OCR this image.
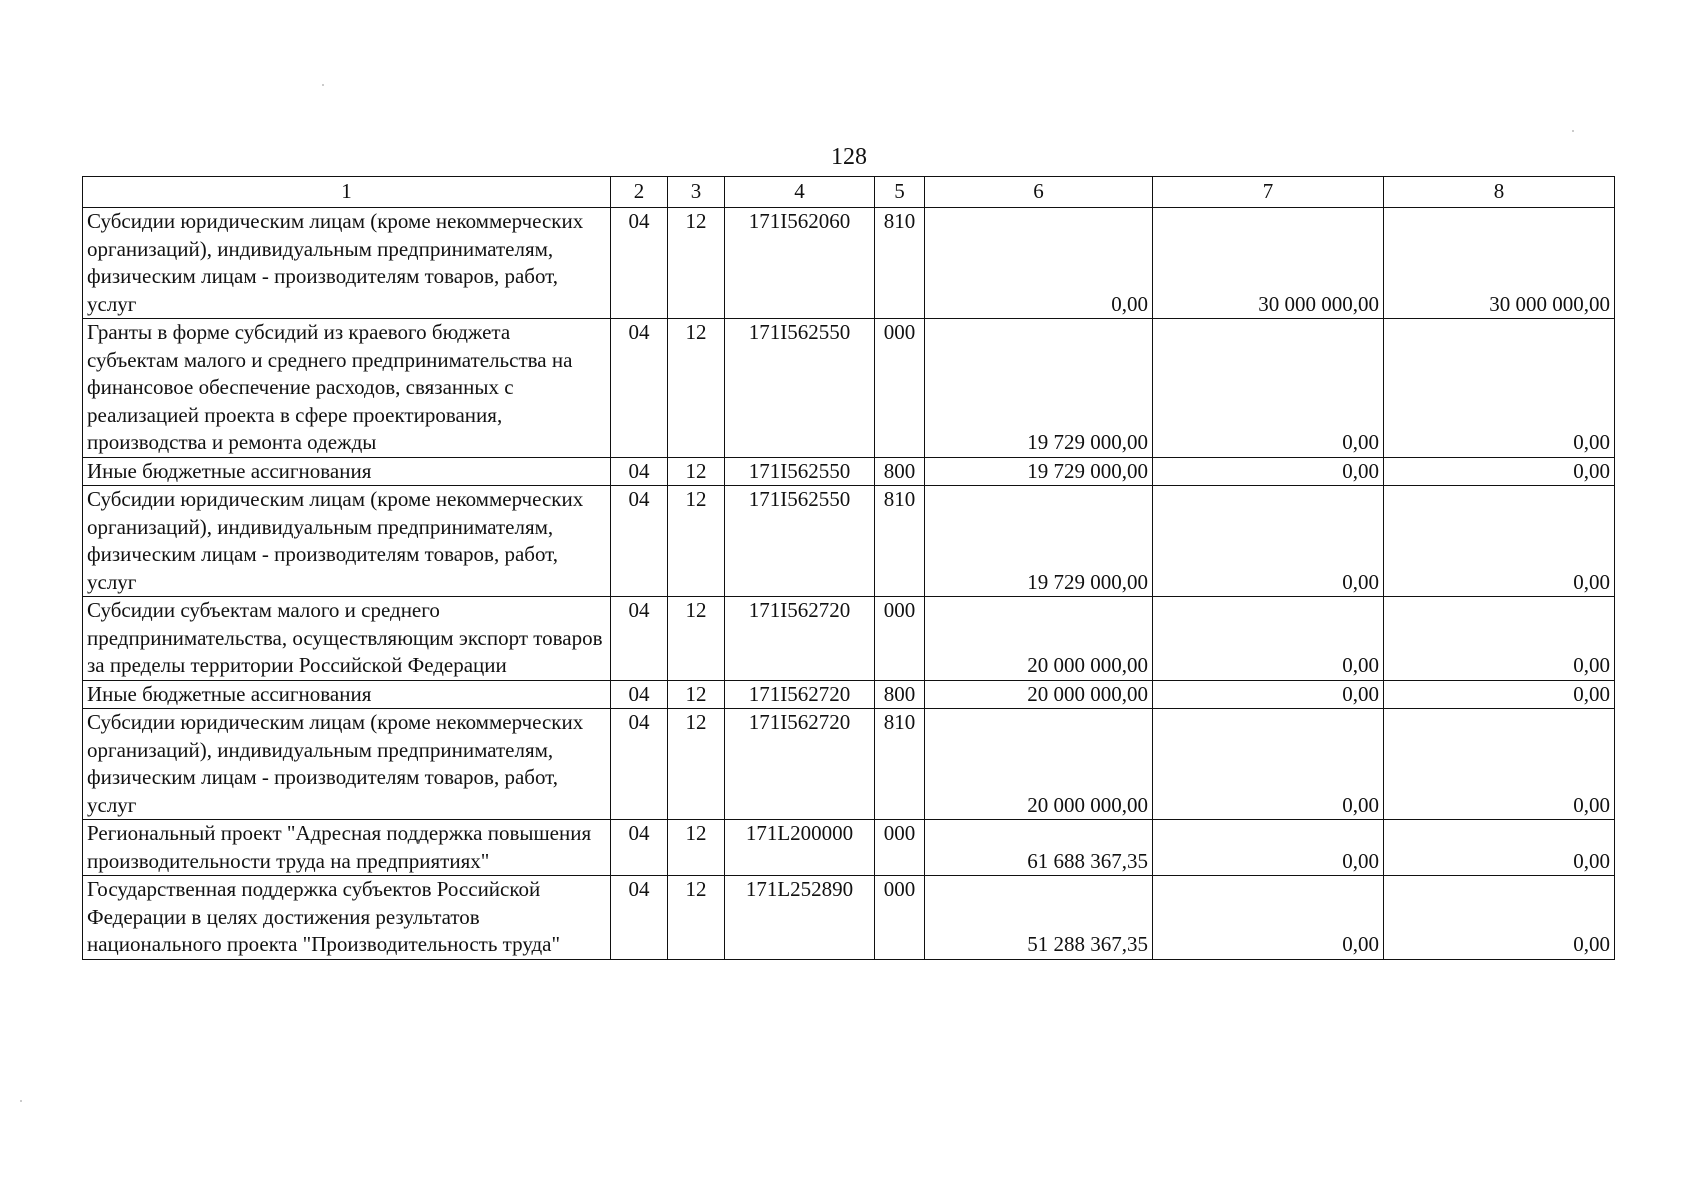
128
1	2	3	4	5	6	7	8
Субсидии юридическим лицам (кроме некоммерческих организаций), индивидуальным предпринимателям, физическим лицам - производителям товаров, работ, услуг	04	12	171I562060	810	0,00	30 000 000,00	30 000 000,00
Гранты в форме субсидий из краевого бюджета субъектам малого и среднего предпринимательства на финансовое обеспечение расходов, связанных с реализацией проекта в сфере проектирования, производства и ремонта одежды	04	12	171I562550	000	19 729 000,00	0,00	0,00
Иные бюджетные ассигнования	04	12	171I562550	800	19 729 000,00	0,00	0,00
Субсидии юридическим лицам (кроме некоммерческих организаций), индивидуальным предпринимателям, физическим лицам - производителям товаров, работ, услуг	04	12	171I562550	810	19 729 000,00	0,00	0,00
Субсидии субъектам малого и среднего предпринимательства, осуществляющим экспорт товаров за пределы территории Российской Федерации	04	12	171I562720	000	20 000 000,00	0,00	0,00
Иные бюджетные ассигнования	04	12	171I562720	800	20 000 000,00	0,00	0,00
Субсидии юридическим лицам (кроме некоммерческих организаций), индивидуальным предпринимателям, физическим лицам - производителям товаров, работ, услуг	04	12	171I562720	810	20 000 000,00	0,00	0,00
Региональный проект "Адресная поддержка повышения производительности труда на предприятиях"	04	12	171L200000	000	61 688 367,35	0,00	0,00
Государственная поддержка субъектов Российской Федерации в целях достижения результатов национального проекта "Производительность труда"	04	12	171L252890	000	51 288 367,35	0,00	0,00
